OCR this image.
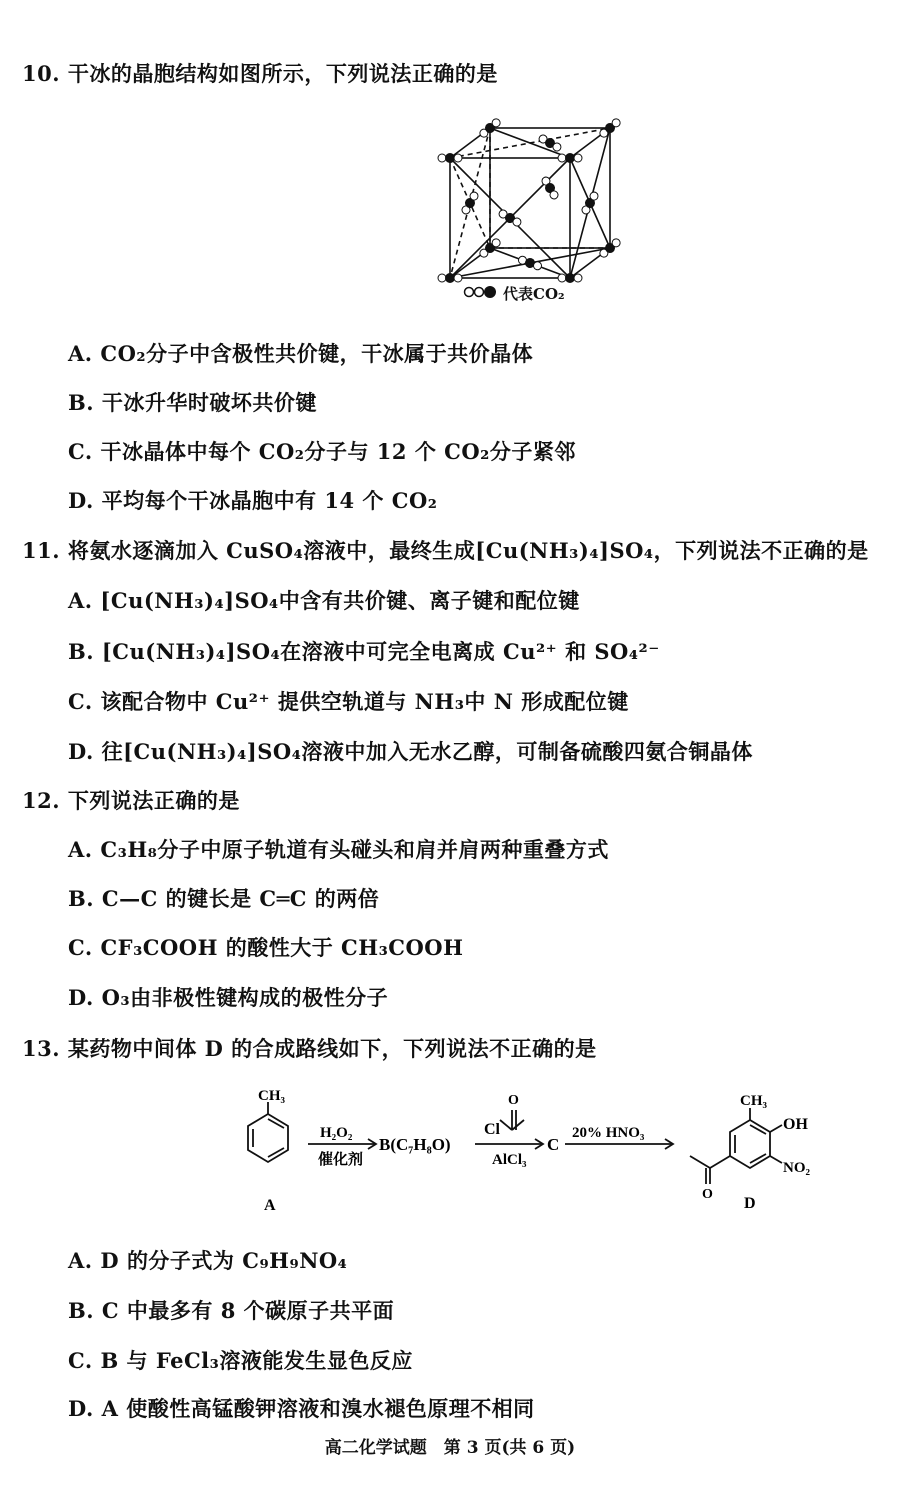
10. 干冰的晶胞结构如图所示，下列说法正确的是
代表CO₂
A. CO₂分子中含极性共价键，干冰属于共价晶体
B. 干冰升华时破坏共价键
C. 干冰晶体中每个 CO₂分子与 12 个 CO₂分子紧邻
D. 平均每个干冰晶胞中有 14 个 CO₂
11. 将氨水逐滴加入 CuSO₄溶液中，最终生成[Cu(NH₃)₄]SO₄，下列说法不正确的是
A. [Cu(NH₃)₄]SO₄中含有共价键、离子键和配位键
B. [Cu(NH₃)₄]SO₄在溶液中可完全电离成 Cu²⁺ 和 SO₄²⁻
C. 该配合物中 Cu²⁺ 提供空轨道与 NH₃中 N 形成配位键
D. 往[Cu(NH₃)₄]SO₄溶液中加入无水乙醇，可制备硫酸四氨合铜晶体
12. 下列说法正确的是
A. C₃H₈分子中原子轨道有头碰头和肩并肩两种重叠方式
B. C—C 的键长是 C═C 的两倍
C. CF₃COOH 的酸性大于 CH₃COOH
D. O₃由非极性键构成的极性分子
13. 某药物中间体 D 的合成路线如下，下列说法不正确的是
CH₃
H₂O₂
催化剂
B(C₇H₈O)
O
Cl
AlCl₃
C
20% HNO₃
CH₃
OH
NO₂
O
A	D
A. D 的分子式为 C₉H₉NO₄
B. C 中最多有 8 个碳原子共平面
C. B 与 FeCl₃溶液能发生显色反应
D. A 使酸性高锰酸钾溶液和溴水褪色原理不相同
高二化学试题　第 3 页(共 6 页)
